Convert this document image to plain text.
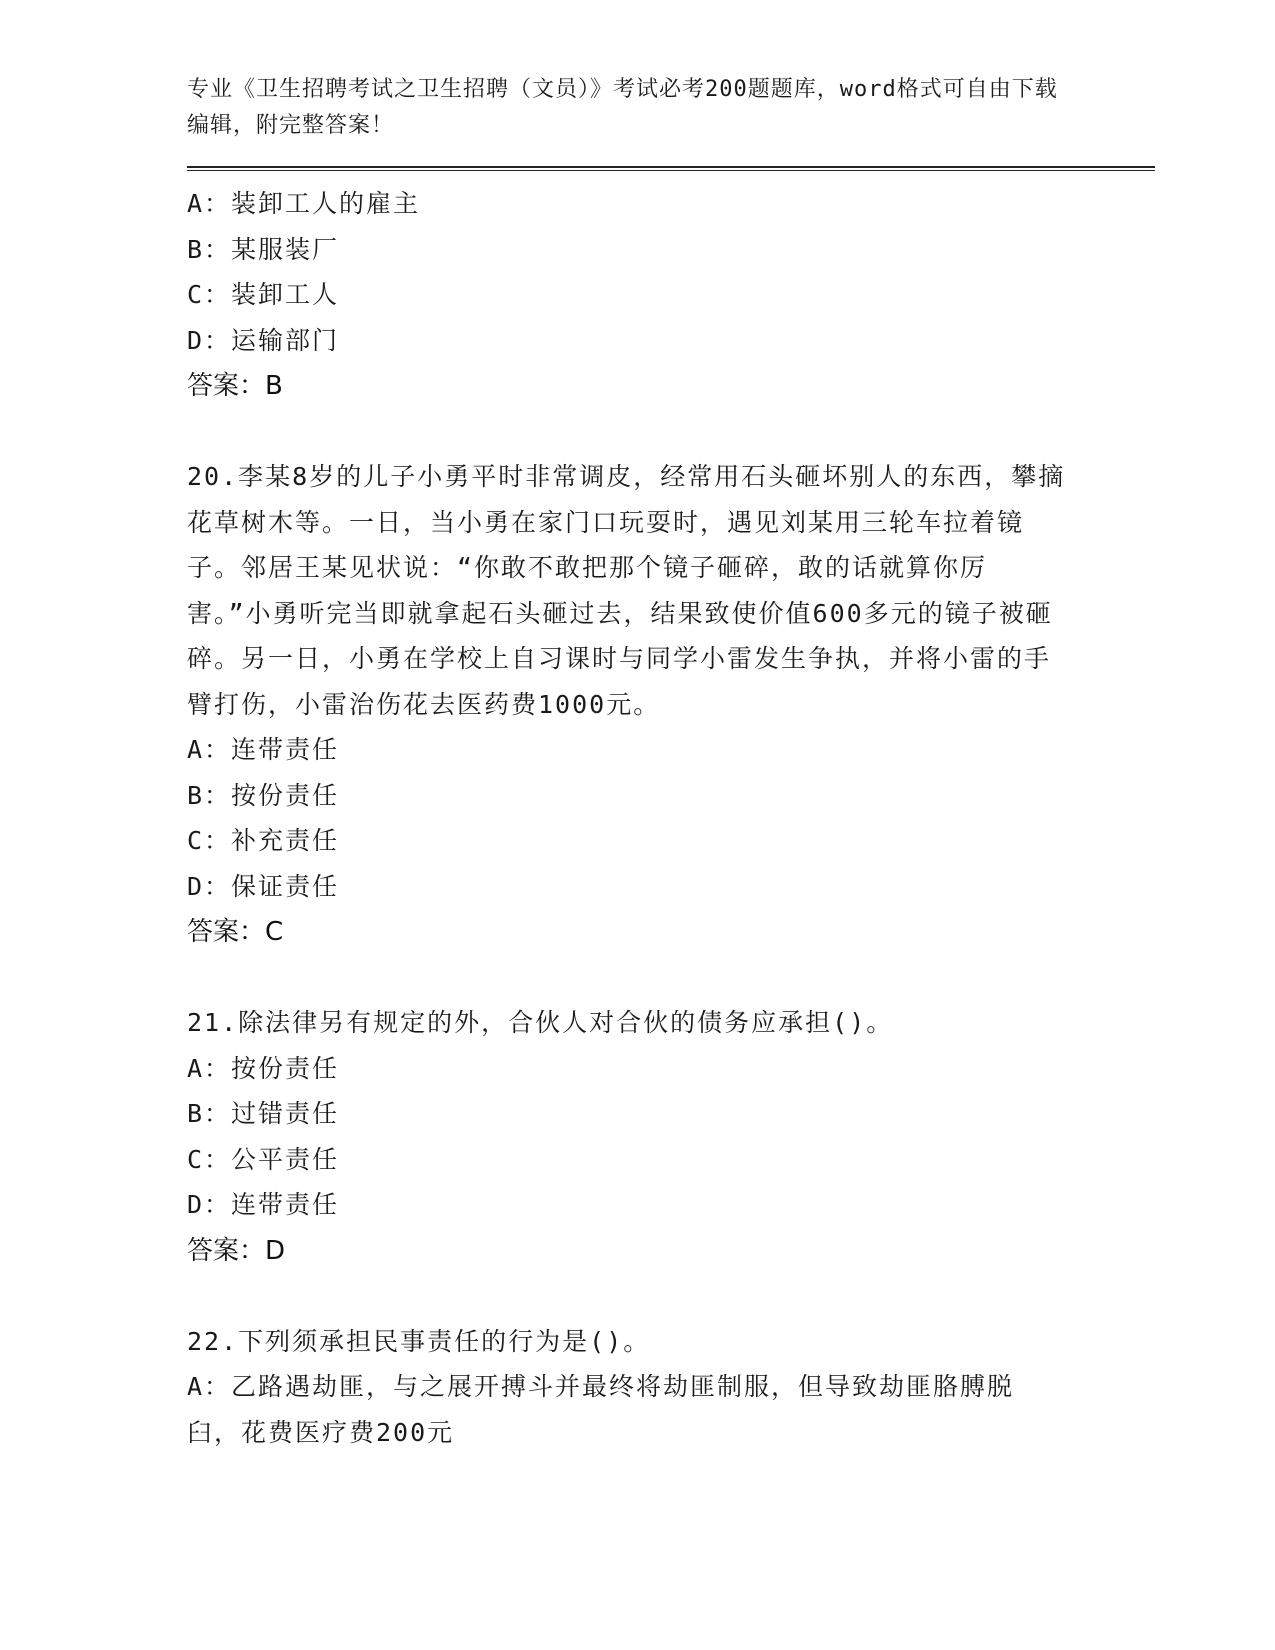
专业《卫生招聘考试之卫生招聘（文员）》考试必考200题题库，word格式可自由下载编辑，附完整答案！

A：装卸工人的雇主

B：某服装厂

C：装卸工人

D：运输部门

答案：B

20.李某8岁的儿子小勇平时非常调皮，经常用石头砸坏别人的东西，攀摘花草树木等。一日，当小勇在家门口玩耍时，遇见刘某用三轮车拉着镜子。邻居王某见状说：“你敢不敢把那个镜子砸碎，敢的话就算你厉害。”小勇听完当即就拿起石头砸过去，结果致使价值600多元的镜子被砸碎。另一日，小勇在学校上自习课时与同学小雷发生争执，并将小雷的手臂打伤，小雷治伤花去医药费1000元。

A：连带责任

B：按份责任

C：补充责任

D：保证责任

答案：C

21.除法律另有规定的外，合伙人对合伙的债务应承担()。

A：按份责任

B：过错责任

C：公平责任

D：连带责任

答案：D

22.下列须承担民事责任的行为是()。

A：乙路遇劫匪，与之展开搏斗并最终将劫匪制服，但导致劫匪胳膊脱臼，花费医疗费200元
